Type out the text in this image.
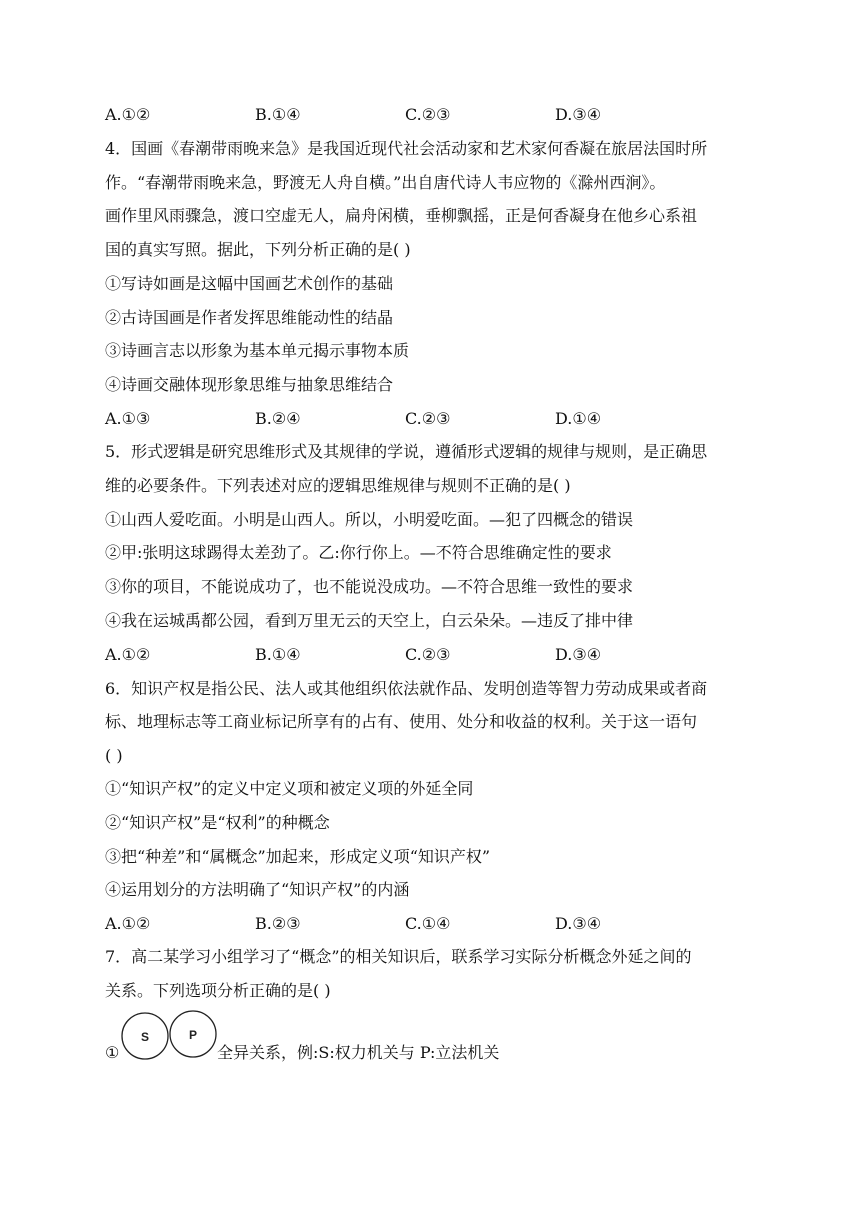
A.①②	B.①④	C.②③	D.③④
4．国画《春潮带雨晚来急》是我国近现代社会活动家和艺术家何香凝在旅居法国时所
作。“春潮带雨晚来急，野渡无人舟自横。”出自唐代诗人韦应物的《滁州西涧》。
画作里风雨骤急，渡口空虚无人，扁舟闲横，垂柳飘摇，正是何香凝身在他乡心系祖
国的真实写照。据此，下列分析正确的是( )
①写诗如画是这幅中国画艺术创作的基础
②古诗国画是作者发挥思维能动性的结晶
③诗画言志以形象为基本单元揭示事物本质
④诗画交融体现形象思维与抽象思维结合
A.①③	B.②④	C.②③	D.①④
5．形式逻辑是研究思维形式及其规律的学说，遵循形式逻辑的规律与规则，是正确思
维的必要条件。下列表述对应的逻辑思维规律与规则不正确的是( )
①山西人爱吃面。小明是山西人。所以，小明爱吃面。—犯了四概念的错误
②甲:张明这球踢得太差劲了。乙:你行你上。—不符合思维确定性的要求
③你的项目，不能说成功了，也不能说没成功。—不符合思维一致性的要求
④我在运城禹都公园，看到万里无云的天空上，白云朵朵。—违反了排中律
A.①②	B.①④	C.②③	D.③④
6．知识产权是指公民、法人或其他组织依法就作品、发明创造等智力劳动成果或者商
标、地理标志等工商业标记所享有的占有、使用、处分和收益的权利。关于这一语句
( )
①“知识产权”的定义中定义项和被定义项的外延全同
②“知识产权”是“权利”的种概念
③把“种差”和“属概念”加起来，形成定义项“知识产权”
④运用划分的方法明确了“知识产权”的内涵
A.①②	B.②③	C.①④	D.③④
7．高二某学习小组学习了“概念”的相关知识后，联系学习实际分析概念外延之间的
关系。下列选项分析正确的是( )
①
S	P
全异关系，例:S:权力机关与 P:立法机关
